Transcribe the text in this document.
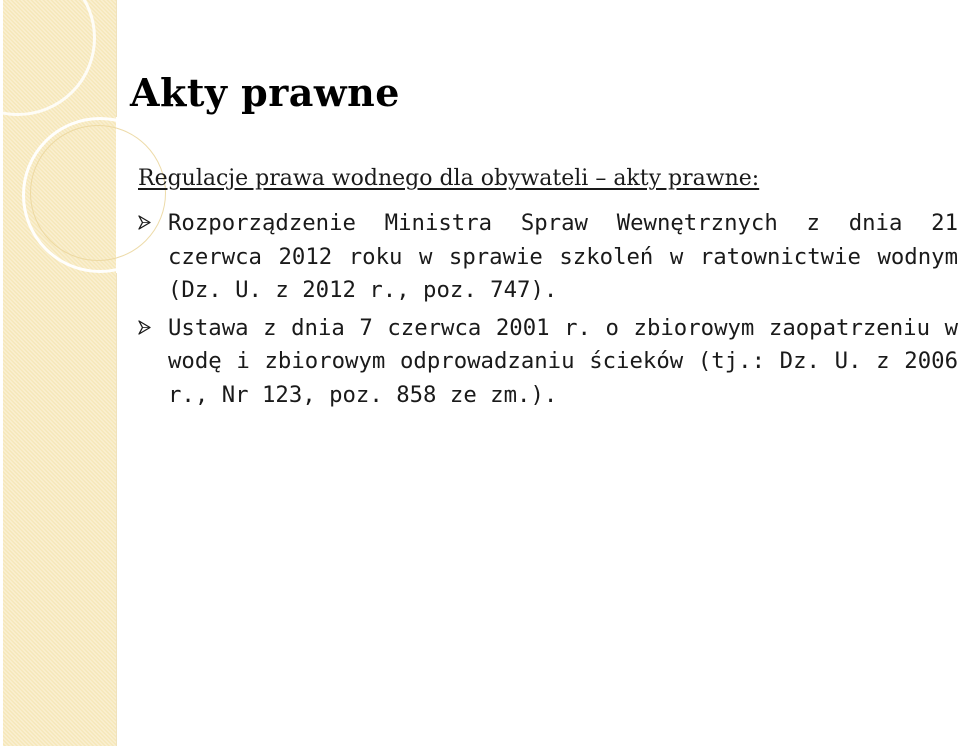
Akty prawne

Regulacje prawa wodnego dla obywateli – akty prawne:

Rozporządzenie Ministra Spraw Wewnętrznych z dnia 21 czerwca 2012 roku w sprawie szkoleń w ratownictwie wodnym (Dz. U. z 2012 r., poz. 747).

Ustawa z dnia 7 czerwca 2001 r. o zbiorowym zaopatrzeniu w wodę i zbiorowym odprowadzaniu ścieków (tj.: Dz. U. z 2006 r., Nr 123, poz. 858 ze zm.).
